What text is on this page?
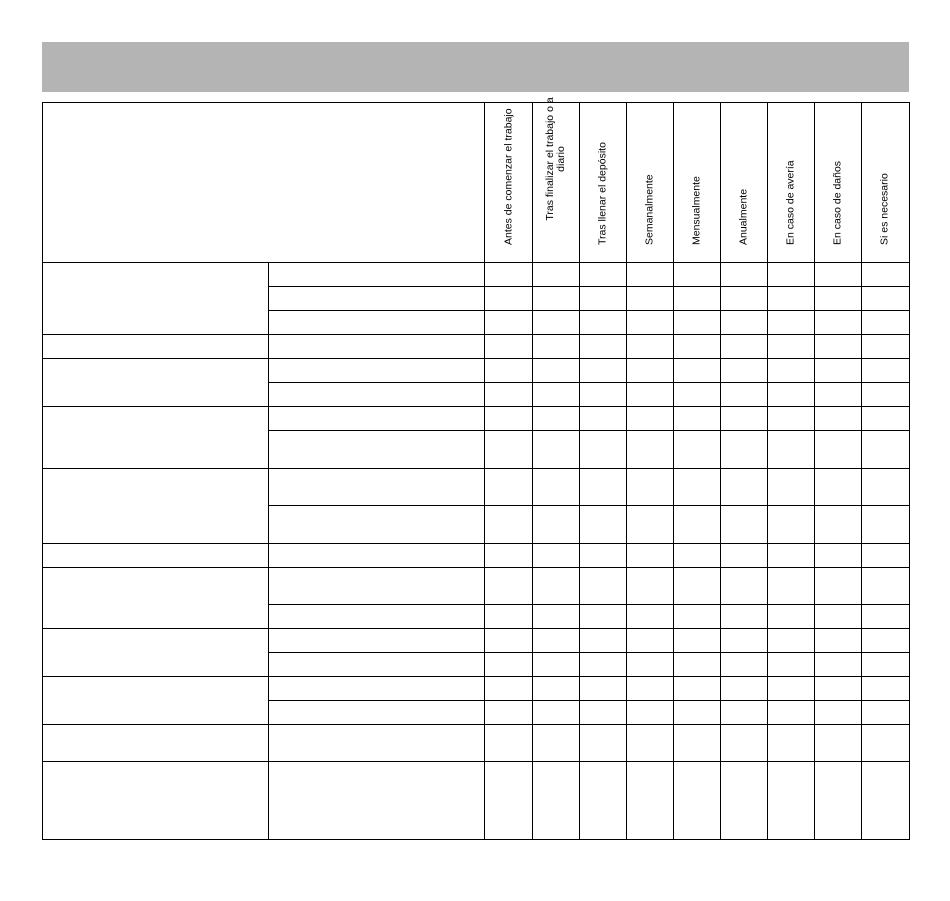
		Antes de comenzar el trabajo	Tras finalizar el trabajo o a diario	Tras llenar el depósito	Semanalmente	Mensualmente	Anualmente	En caso de avería	En caso de daños	Si es necesario
